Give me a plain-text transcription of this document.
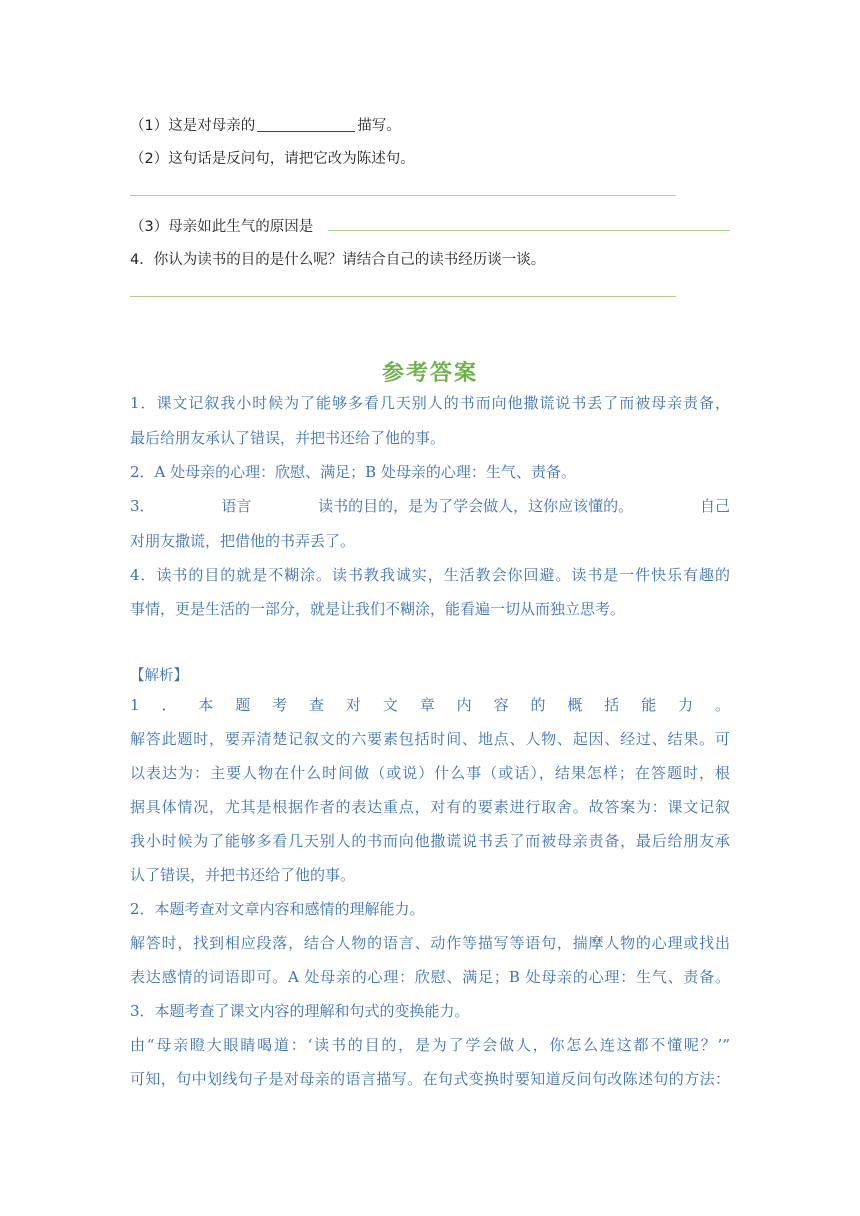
（1）这是对母亲的	描写。
（2）这句话是反问句，请把它改为陈述句。
（3）母亲如此生气的原因是
4．你认为读书的目的是什么呢？请结合自己的读书经历谈一谈。
参考答案
1．课文记叙我小时候为了能够多看几天别人的书而向他撒谎说书丢了而被母亲责备，
最后给朋友承认了错误，并把书还给了他的事。
2．A 处母亲的心理：欣慰、满足；B 处母亲的心理：生气、责备。
3．	语言	读书的目的，是为了学会做人，这你应该懂的。	自己
对朋友撒谎，把借他的书弄丢了。
4．读书的目的就是不糊涂。读书教我诚实，生活教会你回避。读书是一件快乐有趣的
事情，更是生活的一部分，就是让我们不糊涂，能看遍一切从而独立思考。
【解析】
1．本题考查对文章内容的概括能力。
解答此题时，要弄清楚记叙文的六要素包括时间、地点、人物、起因、经过、结果。可
以表达为：主要人物在什么时间做（或说）什么事（或话），结果怎样；在答题时，根
据具体情况，尤其是根据作者的表达重点，对有的要素进行取舍。故答案为：课文记叙
我小时候为了能够多看几天别人的书而向他撒谎说书丢了而被母亲责备，最后给朋友承
认了错误，并把书还给了他的事。
2．本题考查对文章内容和感情的理解能力。
解答时，找到相应段落，结合人物的语言、动作等描写等语句，揣摩人物的心理或找出
表达感情的词语即可。A 处母亲的心理：欣慰、满足；B 处母亲的心理：生气、责备。
3．本题考查了课文内容的理解和句式的变换能力。
由“母亲瞪大眼睛喝道：‘读书的目的，是为了学会做人，你怎么连这都不懂呢？’”
可知，句中划线句子是对母亲的语言描写。在句式变换时要知道反问句改陈述句的方法：
